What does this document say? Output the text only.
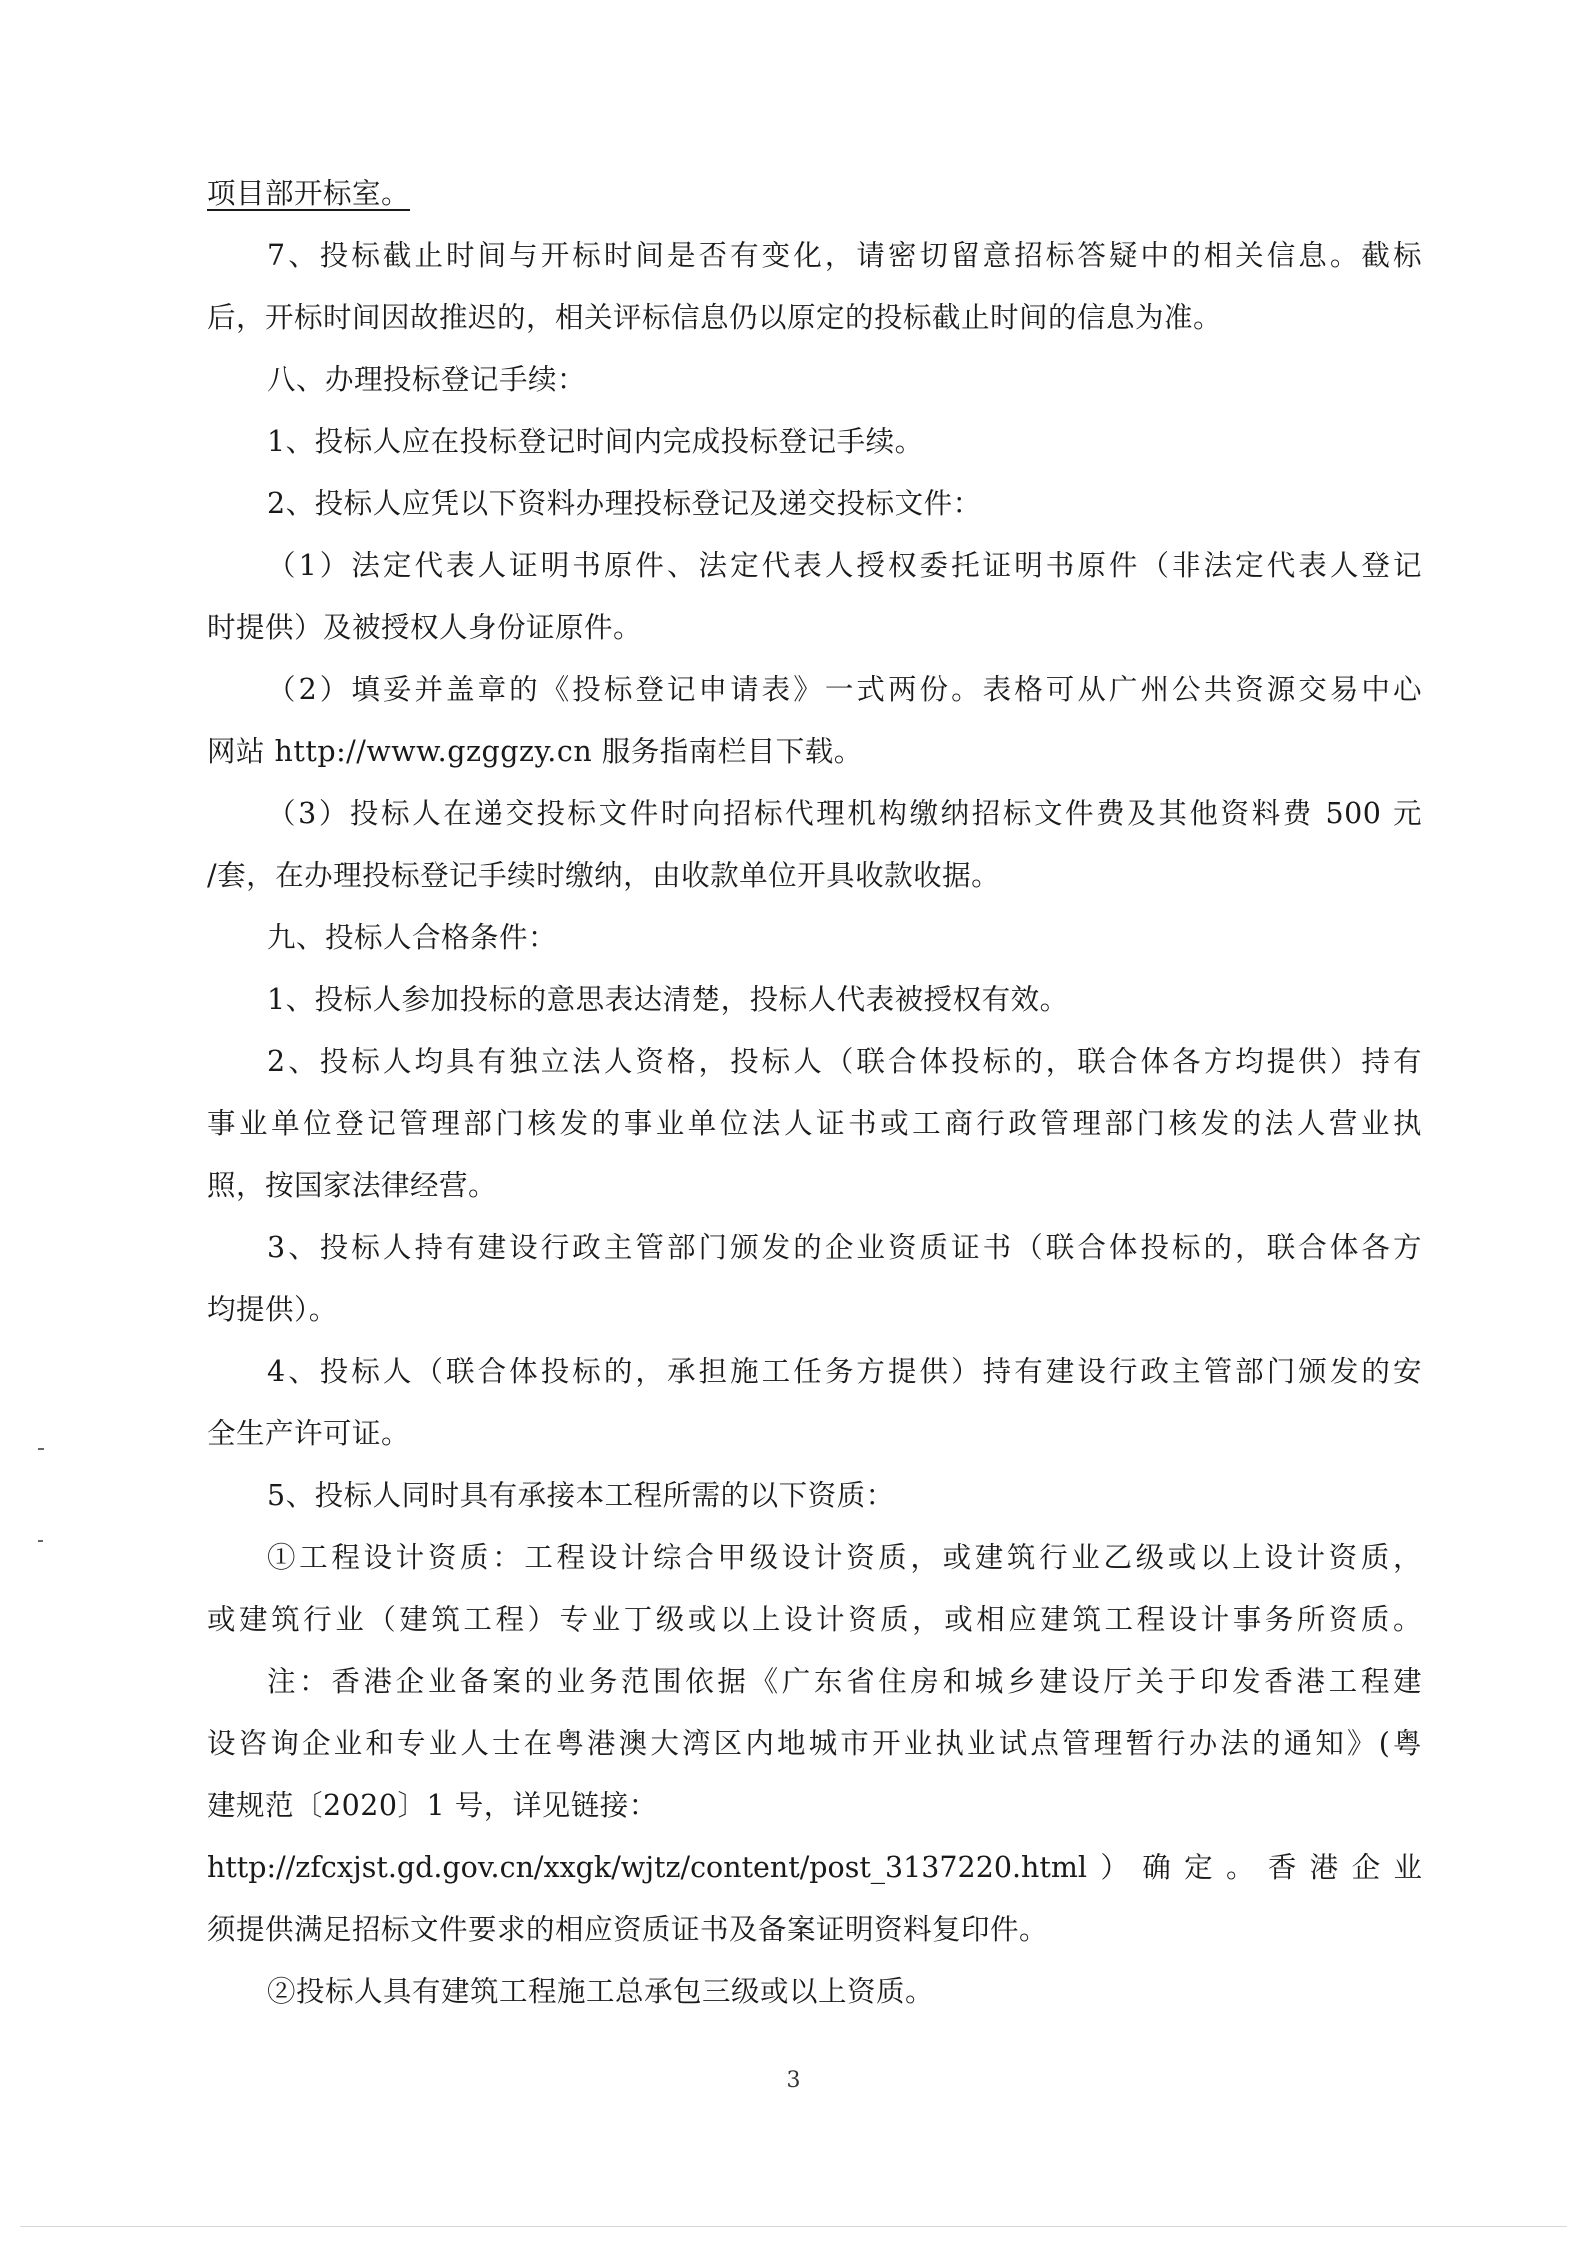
项目部开标室。
7、投标截止时间与开标时间是否有变化，请密切留意招标答疑中的相关信息。截标
后，开标时间因故推迟的，相关评标信息仍以原定的投标截止时间的信息为准。
八、办理投标登记手续：
1、投标人应在投标登记时间内完成投标登记手续。
2、投标人应凭以下资料办理投标登记及递交投标文件：
（1）法定代表人证明书原件、法定代表人授权委托证明书原件（非法定代表人登记
时提供）及被授权人身份证原件。
（2）填妥并盖章的《投标登记申请表》一式两份。表格可从广州公共资源交易中心
网站 http://www.gzggzy.cn 服务指南栏目下载。
（3）投标人在递交投标文件时向招标代理机构缴纳招标文件费及其他资料费 500 元
/套，在办理投标登记手续时缴纳，由收款单位开具收款收据。
九、投标人合格条件：
1、投标人参加投标的意思表达清楚，投标人代表被授权有效。
2、投标人均具有独立法人资格，投标人（联合体投标的，联合体各方均提供）持有
事业单位登记管理部门核发的事业单位法人证书或工商行政管理部门核发的法人营业执
照，按国家法律经营。
3、投标人持有建设行政主管部门颁发的企业资质证书（联合体投标的，联合体各方
均提供）。
4、投标人（联合体投标的，承担施工任务方提供）持有建设行政主管部门颁发的安
全生产许可证。
5、投标人同时具有承接本工程所需的以下资质：
①工程设计资质：工程设计综合甲级设计资质，或建筑行业乙级或以上设计资质，
或建筑行业（建筑工程）专业丁级或以上设计资质，或相应建筑工程设计事务所资质。
注：香港企业备案的业务范围依据《广东省住房和城乡建设厅关于印发香港工程建
设咨询企业和专业人士在粤港澳大湾区内地城市开业执业试点管理暂行办法的通知》(粤
建规范〔2020〕1 号，详见链接：
http://zfcxjst.gd.gov.cn/xxgk/wjtz/content/post_3137220.html）确定。香港企业
须提供满足招标文件要求的相应资质证书及备案证明资料复印件。
②投标人具有建筑工程施工总承包三级或以上资质。
3
